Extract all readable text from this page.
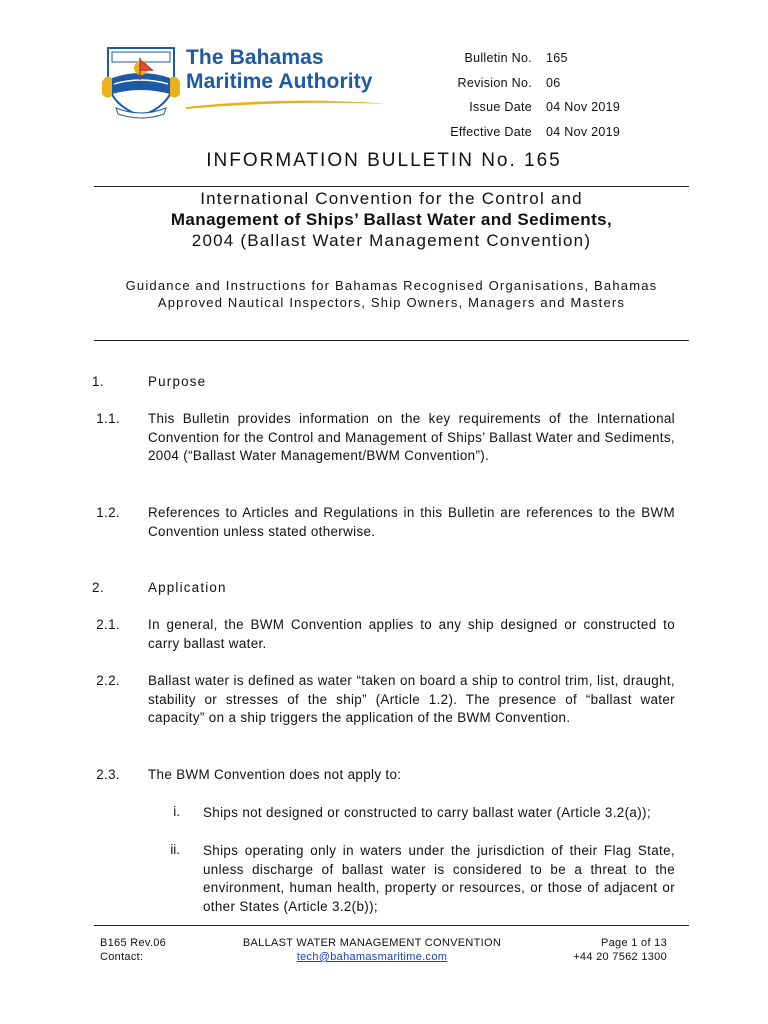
The Bahamas
Maritime Authority
Bulletin No.	165
Revision No.	06
Issue Date	04 Nov 2019
Effective Date	04 Nov 2019
INFORMATION BULLETIN No. 165
International Convention for the Control and
Management of Ships’ Ballast Water and Sediments,
2004 (Ballast Water Management Convention)
Guidance and Instructions for Bahamas Recognised Organisations, Bahamas Approved Nautical Inspectors, Ship Owners, Managers and Masters
1.	Purpose
1.1. This Bulletin provides information on the key requirements of the International Convention for the Control and Management of Ships’ Ballast Water and Sediments, 2004 (“Ballast Water Management/BWM Convention”).
1.2. References to Articles and Regulations in this Bulletin are references to the BWM Convention unless stated otherwise.
2.	Application
2.1. In general, the BWM Convention applies to any ship designed or constructed to carry ballast water.
2.2. Ballast water is defined as water “taken on board a ship to control trim, list, draught, stability or stresses of the ship” (Article 1.2). The presence of “ballast water capacity” on a ship triggers the application of the BWM Convention.
2.3. The BWM Convention does not apply to:
i. Ships not designed or constructed to carry ballast water (Article 3.2(a));
ii. Ships operating only in waters under the jurisdiction of their Flag State, unless discharge of ballast water is considered to be a threat to the environment, human health, property or resources, or those of adjacent or other States (Article 3.2(b));
B165 Rev.06
Contact:
BALLAST WATER MANAGEMENT CONVENTION
tech@bahamasmaritime.com
Page 1 of 13
+44 20 7562 1300
